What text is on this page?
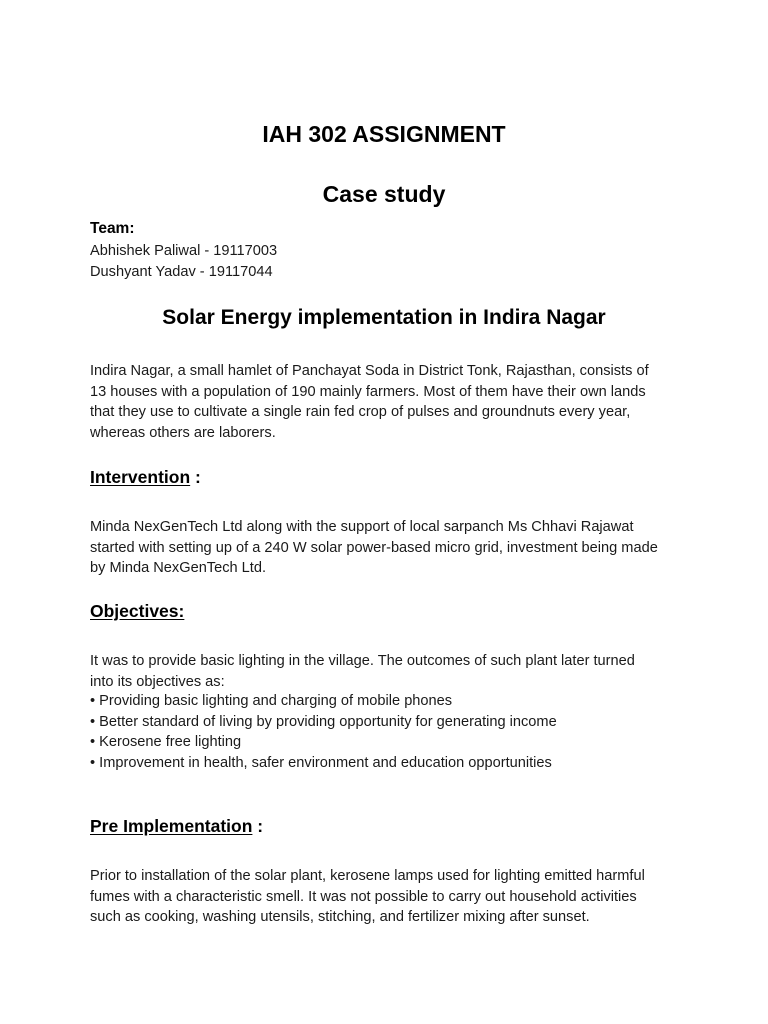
IAH 302 ASSIGNMENT
Case study
Team:
Abhishek Paliwal - 19117003
Dushyant Yadav - 19117044
Solar Energy implementation in Indira Nagar
Indira Nagar, a small hamlet of Panchayat Soda in District Tonk, Rajasthan, consists of
13 houses with a population of 190 mainly farmers. Most of them have their own lands
that they use to cultivate a single rain fed crop of pulses and groundnuts every year,
whereas others are laborers.
Intervention :
Minda NexGenTech Ltd along with the support of local sarpanch Ms Chhavi Rajawat
started with setting up of a 240 W solar power-based micro grid, investment being made
by Minda NexGenTech Ltd.
Objectives:
It was to provide basic lighting in the village. The outcomes of such plant later turned
into its objectives as:
• Providing basic lighting and charging of mobile phones
• Better standard of living by providing opportunity for generating income
• Kerosene free lighting
• Improvement in health, safer environment and education opportunities
Pre Implementation :
Prior to installation of the solar plant, kerosene lamps used for lighting emitted harmful
fumes with a characteristic smell. It was not possible to carry out household activities
such as cooking, washing utensils, stitching, and fertilizer mixing after sunset.
